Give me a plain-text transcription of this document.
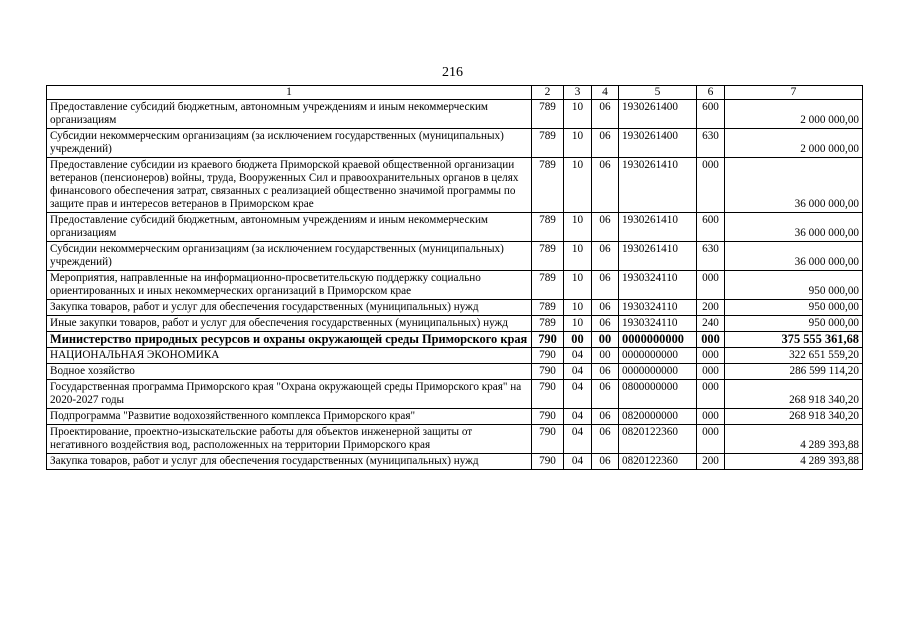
216
1	2	3	4	5	6	7
Предоставление субсидий бюджетным, автономным учреждениям и иным некоммерческим организациям	789	10	06	1930261400	600	2 000 000,00
Субсидии некоммерческим организациям (за исключением государственных (муниципальных) учреждений)	789	10	06	1930261400	630	2 000 000,00
Предоставление субсидии из краевого бюджета Приморской краевой общественной организации ветеранов (пенсионеров) войны, труда, Вооруженных Сил и правоохранительных органов в целях финансового обеспечения затрат, связанных с реализацией общественно значимой программы по защите прав и интересов ветеранов в Приморском крае	789	10	06	1930261410	000	36 000 000,00
Предоставление субсидий бюджетным, автономным учреждениям и иным некоммерческим организациям	789	10	06	1930261410	600	36 000 000,00
Субсидии некоммерческим организациям (за исключением государственных (муниципальных) учреждений)	789	10	06	1930261410	630	36 000 000,00
Мероприятия, направленные на информационно-просветительскую поддержку социально ориентированных и иных некоммерческих организаций в Приморском крае	789	10	06	1930324110	000	950 000,00
Закупка товаров, работ и услуг для обеспечения государственных (муниципальных) нужд	789	10	06	1930324110	200	950 000,00
Иные закупки товаров, работ и услуг для обеспечения государственных (муниципальных) нужд	789	10	06	1930324110	240	950 000,00
Министерство природных ресурсов и охраны окружающей среды Приморского края	790	00	00	0000000000	000	375 555 361,68
НАЦИОНАЛЬНАЯ ЭКОНОМИКА	790	04	00	0000000000	000	322 651 559,20
Водное хозяйство	790	04	06	0000000000	000	286 599 114,20
Государственная программа Приморского края "Охрана окружающей среды Приморского края" на 2020-2027 годы	790	04	06	0800000000	000	268 918 340,20
Подпрограмма "Развитие водохозяйственного комплекса Приморского края"	790	04	06	0820000000	000	268 918 340,20
Проектирование, проектно-изыскательские работы для объектов инженерной защиты от негативного воздействия вод, расположенных на территории Приморского края	790	04	06	0820122360	000	4 289 393,88
Закупка товаров, работ и услуг для обеспечения государственных (муниципальных) нужд	790	04	06	0820122360	200	4 289 393,88
